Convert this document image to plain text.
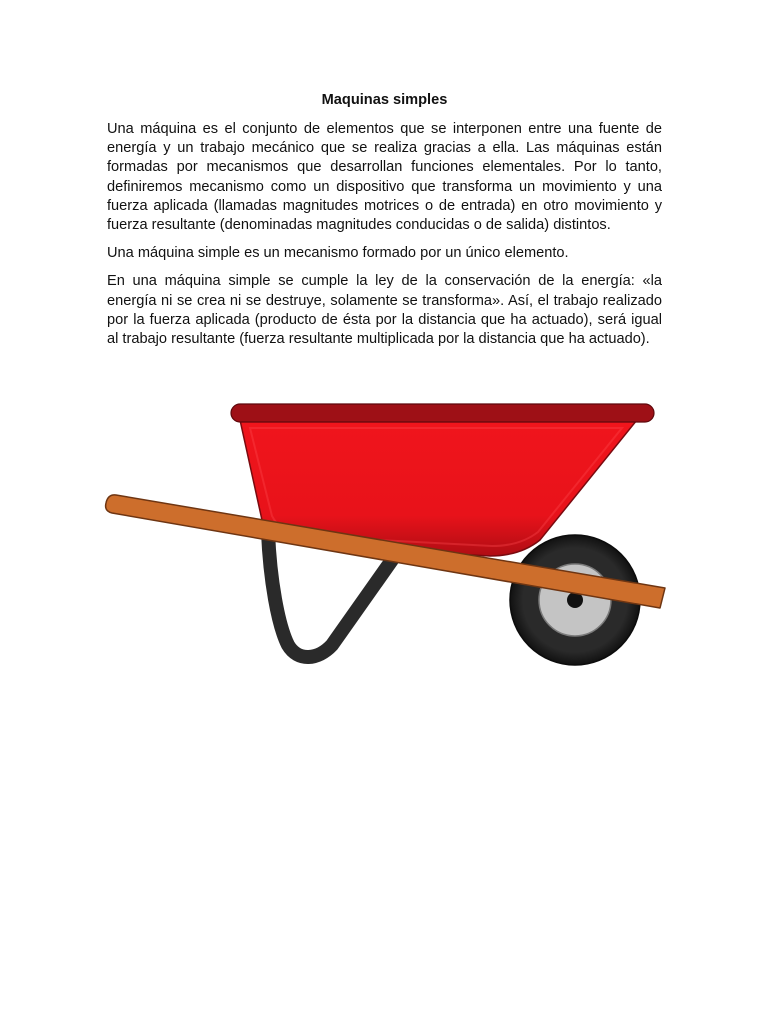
Maquinas simples

Una máquina es el conjunto de elementos que se interponen entre una fuente de energía y un trabajo mecánico que se realiza gracias a ella. Las máquinas están formadas por mecanismos que desarrollan funciones elementales. Por lo tanto, definiremos mecanismo como un dispositivo que transforma un movimiento y una fuerza aplicada (llamadas magnitudes motrices o de entrada) en otro movimiento y fuerza resultante (denominadas magnitudes conducidas o de salida) distintos.

Una máquina simple es un mecanismo formado por un único elemento.

En una máquina simple se cumple la ley de la conservación de la energía: «la energía ni se crea ni se destruye, solamente se transforma». Así, el trabajo realizado por la fuerza aplicada (producto de ésta por la distancia que ha actuado), será igual al trabajo resultante (fuerza resultante multiplicada por la distancia que ha actuado).
